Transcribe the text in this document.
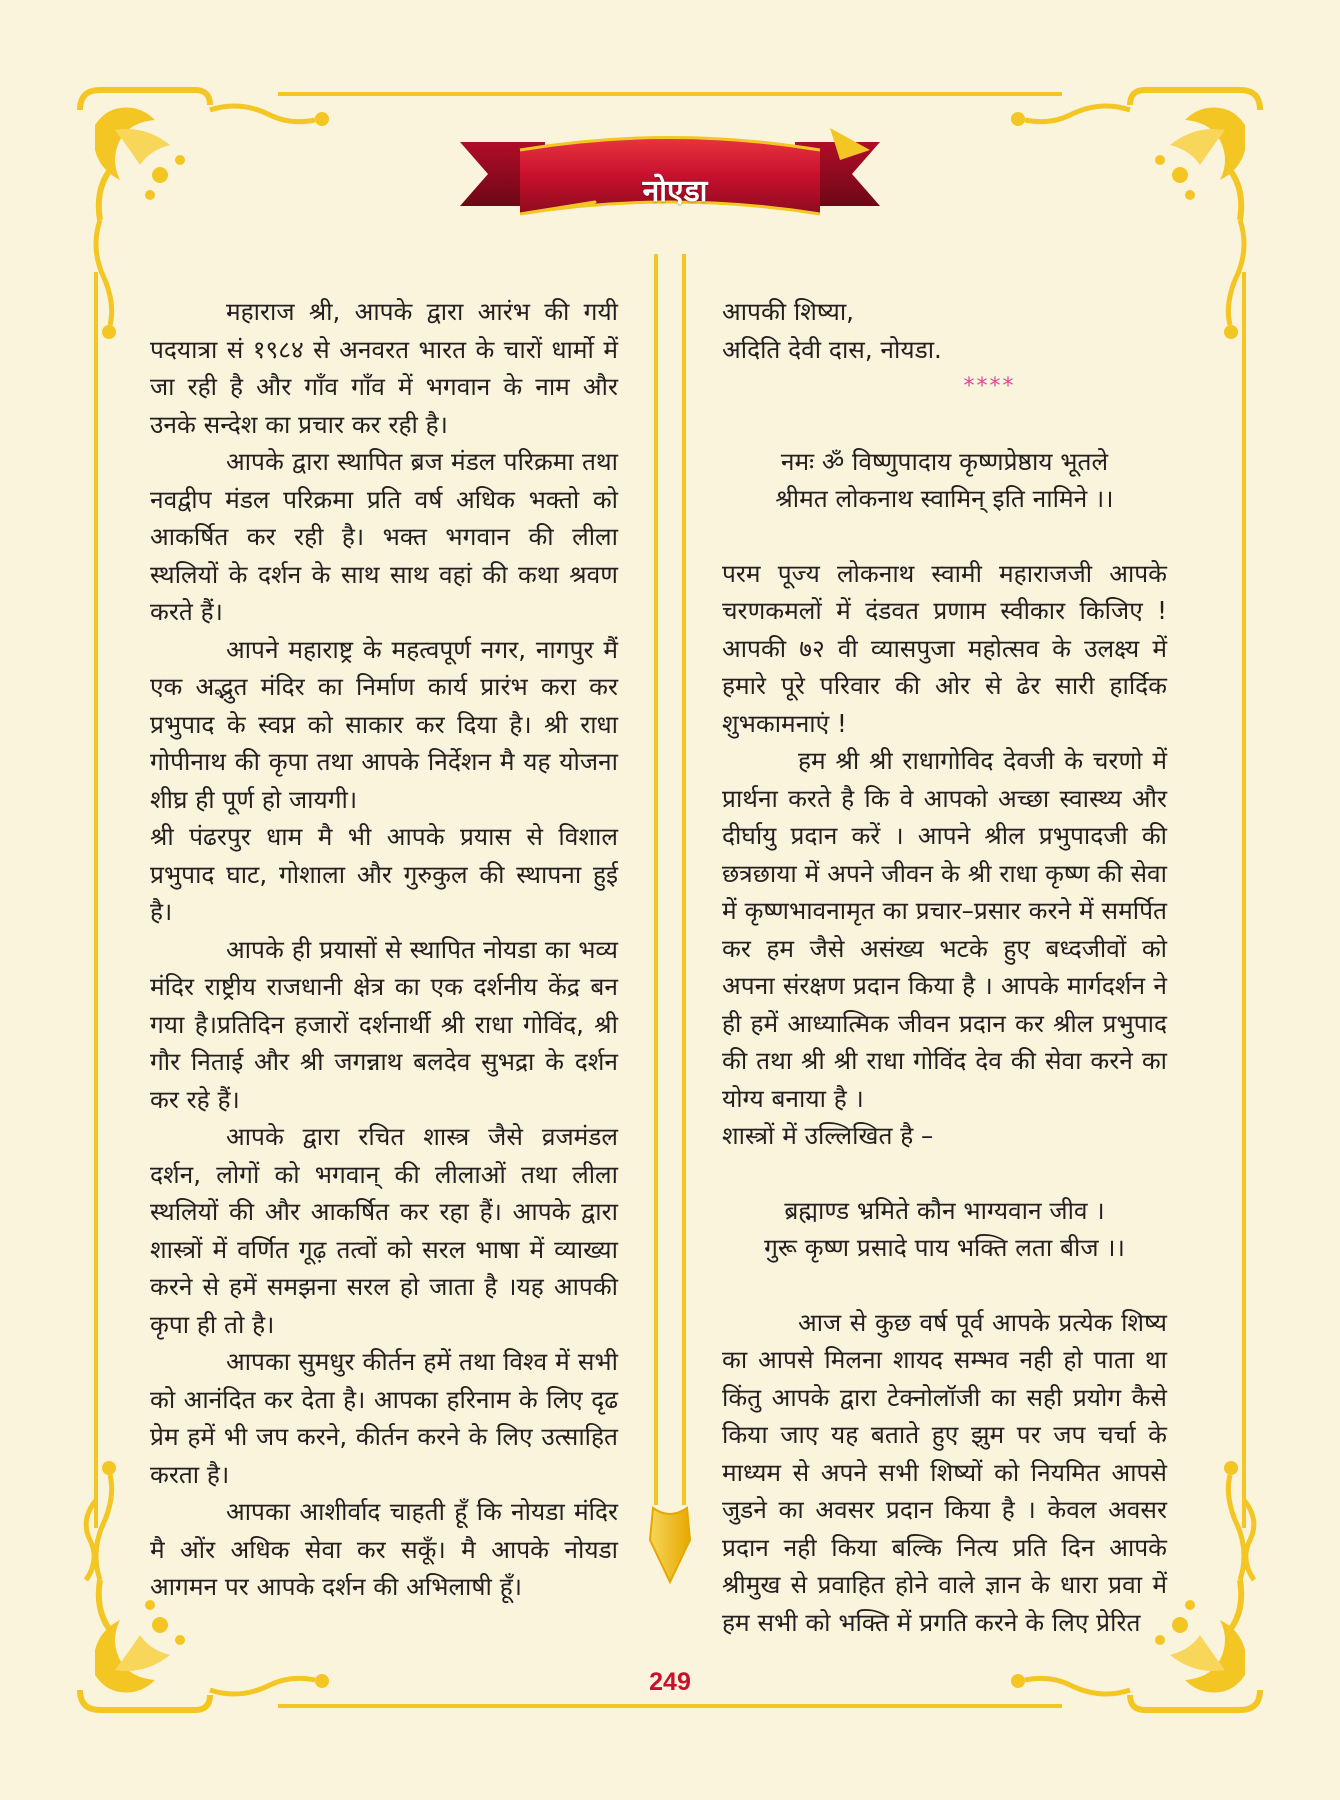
नोएडा

महाराज श्री, आपके द्वारा आरंभ की गयी पदयात्रा सं १९८४ से अनवरत भारत के चारों धार्मो में जा रही है और गाँव गाँव में भगवान के नाम और उनके सन्देश का प्रचार कर रही है।

आपके द्वारा स्थापित ब्रज मंडल परिक्रमा तथा नवद्वीप मंडल परिक्रमा प्रति वर्ष अधिक भक्तो को आकर्षित कर रही है। भक्त भगवान की लीला स्थलियों के दर्शन के साथ साथ वहां की कथा श्रवण करते हैं।

आपने महाराष्ट्र के महत्वपूर्ण नगर, नागपुर मैं एक अद्भुत मंदिर का निर्माण कार्य प्रारंभ करा कर प्रभुपाद के स्वप्न को साकार कर दिया है। श्री राधा गोपीनाथ की कृपा तथा आपके निर्देशन मै यह योजना शीघ्र ही पूर्ण हो जायगी।

श्री पंढरपुर धाम मै भी आपके प्रयास से विशाल प्रभुपाद घाट, गोशाला और गुरुकुल की स्थापना हुई है।

आपके ही प्रयासों से स्थापित नोयडा का भव्य मंदिर राष्ट्रीय राजधानी क्षेत्र का एक दर्शनीय केंद्र बन गया है।प्रतिदिन हजारों दर्शनार्थी श्री राधा गोविंद, श्री गौर निताई और श्री जगन्नाथ बलदेव सुभद्रा के दर्शन कर रहे हैं।

आपके द्वारा रचित शास्त्र जैसे व्रजमंडल दर्शन, लोगों को भगवान् की लीलाओं तथा लीला स्थलियों की और आकर्षित कर रहा हैं। आपके द्वारा शास्त्रों में वर्णित गूढ़ तत्वों को सरल भाषा में व्याख्या करने से हमें समझना सरल हो जाता है ।यह आपकी कृपा ही तो है।

आपका सुमधुर कीर्तन हमें तथा विश्व में सभी को आनंदित कर देता है। आपका हरिनाम के लिए दृढ प्रेम हमें भी जप करने, कीर्तन करने के लिए उत्साहित करता है।

आपका आशीर्वाद चाहती हूँ कि नोयडा मंदिर मै ओंर अधिक सेवा कर सकूँ। मै आपके नोयडा आगमन पर आपके दर्शन की अभिलाषी हूँ।

आपकी शिष्या,

अदिति देवी दास, नोयडा.

****

नमः ॐ विष्णुपादाय कृष्णप्रेष्ठाय भूतले

श्रीमत लोकनाथ स्वामिन् इति नामिने ।।

परम पूज्य लोकनाथ स्वामी महाराजजी आपके चरणकमलों में दंडवत प्रणाम स्वीकार किजिए ! आपकी ७२ वी व्यासपुजा महोत्सव के उलक्ष्य में हमारे पूरे परिवार की ओर से ढेर सारी हार्दिक शुभकामनाएं !

हम श्री श्री राधागोविद देवजी के चरणो में प्रार्थना करते है कि वे आपको अच्छा स्वास्थ्य और दीर्घायु प्रदान करें । आपने श्रील प्रभुपादजी की छत्रछाया में अपने जीवन के श्री राधा कृष्ण की सेवा में कृष्णभावनामृत का प्रचार–प्रसार करने में समर्पित कर हम जैसे असंख्य भटके हुए बध्दजीवों को अपना संरक्षण प्रदान किया है । आपके मार्गदर्शन ने ही हमें आध्यात्मिक जीवन प्रदान कर श्रील प्रभुपाद की तथा श्री श्री राधा गोविंद देव की सेवा करने का योग्य बनाया है ।

शास्त्रों में उल्लिखित है –

ब्रह्माण्ड भ्रमिते कौन भाग्यवान जीव ।

गुरू कृष्ण प्रसादे पाय भक्ति लता बीज ।।

आज से कुछ वर्ष पूर्व आपके प्रत्येक शिष्य का आपसे मिलना शायद सम्भव नही हो पाता था किंतु आपके द्वारा टेक्नोलॉजी का सही प्रयोग कैसे किया जाए यह बताते हुए झुम पर जप चर्चा के माध्यम से अपने सभी शिष्यों को नियमित आपसे जुडने का अवसर प्रदान किया है । केवल अवसर प्रदान नही किया बल्कि नित्य प्रति दिन आपके श्रीमुख से प्रवाहित होने वाले ज्ञान के धारा प्रवा में हम सभी को भक्ति में प्रगति करने के लिए प्रेरित

249
